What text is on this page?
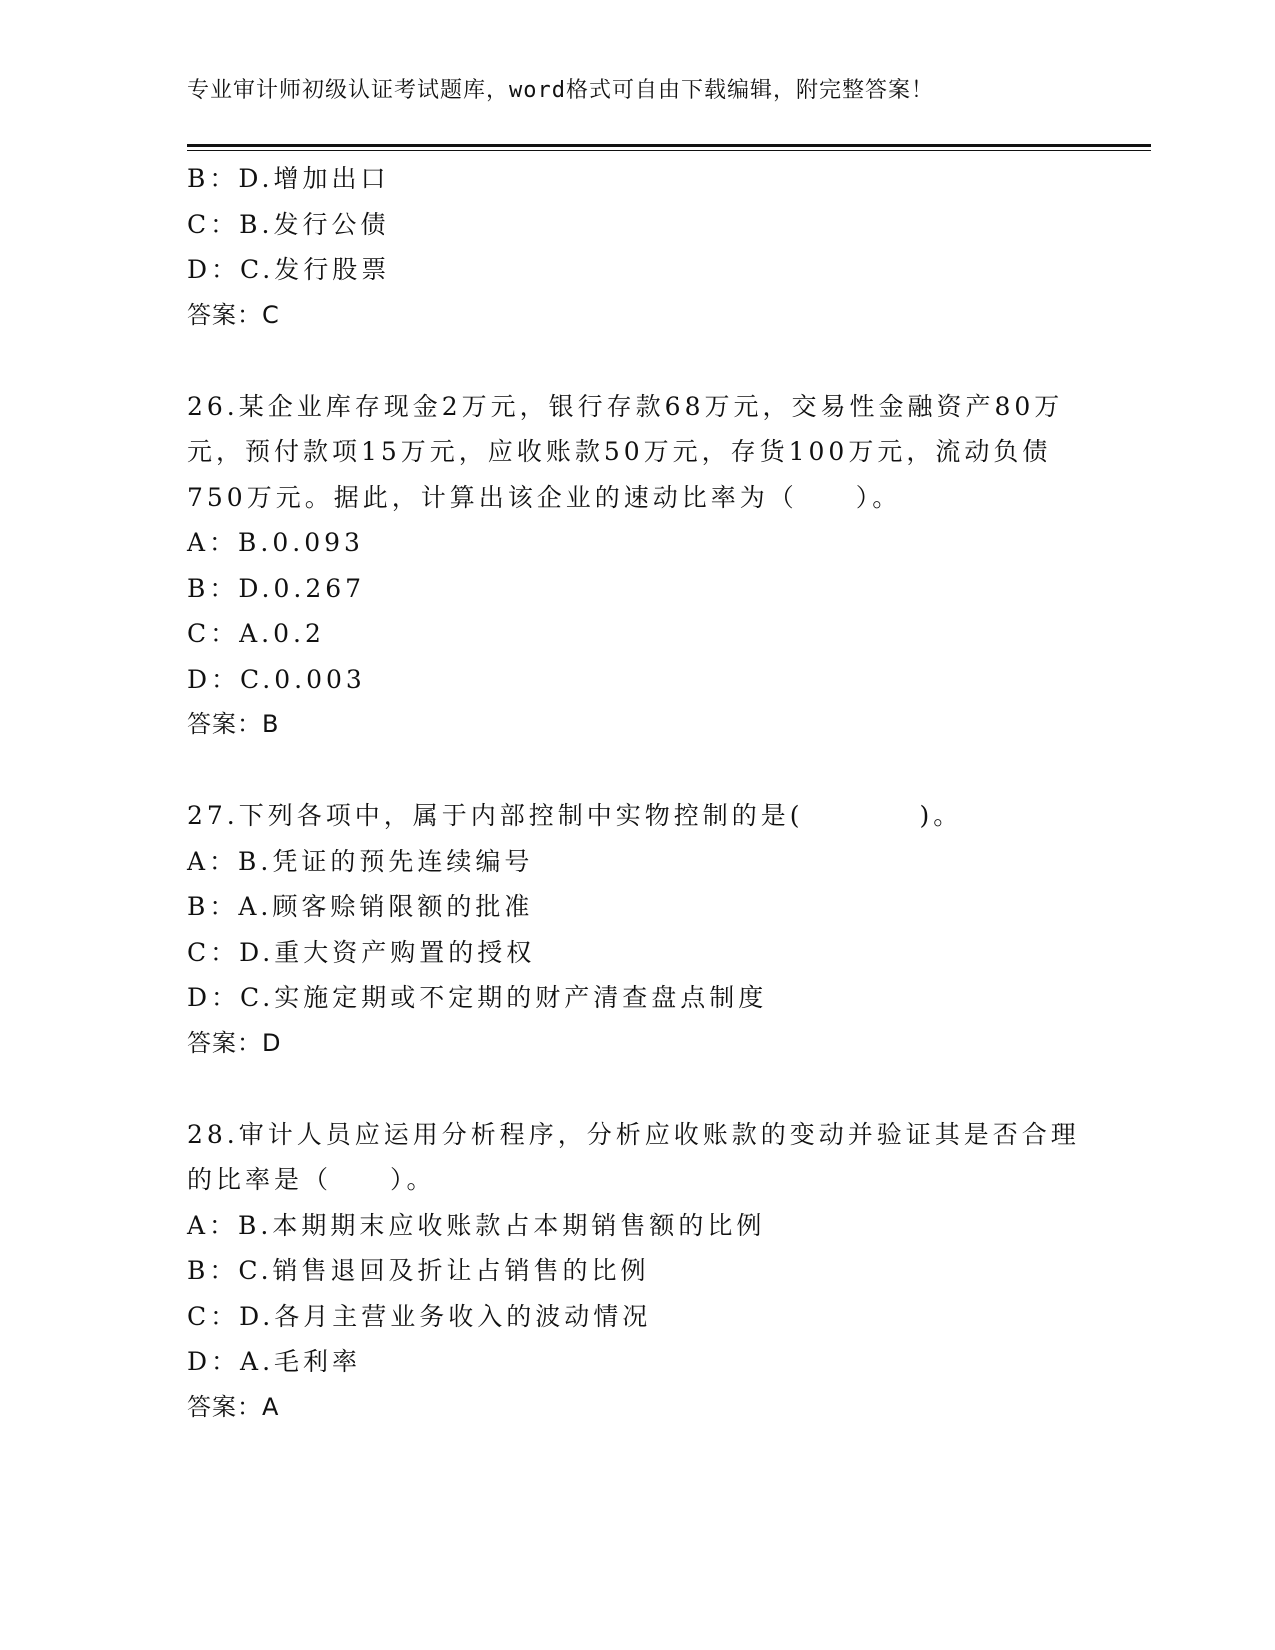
专业审计师初级认证考试题库，word格式可自由下载编辑，附完整答案！
B：D.增加出口
C：B.发行公债
D：C.发行股票
答案：C
26.某企业库存现金2万元，银行存款68万元，交易性金融资产80万
元，预付款项15万元，应收账款50万元，存货100万元，流动负债
750万元。据此，计算出该企业的速动比率为（　　）。
A：B.0.093
B：D.0.267
C：A.0.2
D：C.0.003
答案：B
27.下列各项中，属于内部控制中实物控制的是(　　　　)。
A：B.凭证的预先连续编号
B：A.顾客赊销限额的批准
C：D.重大资产购置的授权
D：C.实施定期或不定期的财产清查盘点制度
答案：D
28.审计人员应运用分析程序，分析应收账款的变动并验证其是否合理
的比率是（　　）。
A：B.本期期末应收账款占本期销售额的比例
B：C.销售退回及折让占销售的比例
C：D.各月主营业务收入的波动情况
D：A.毛利率
答案：A
